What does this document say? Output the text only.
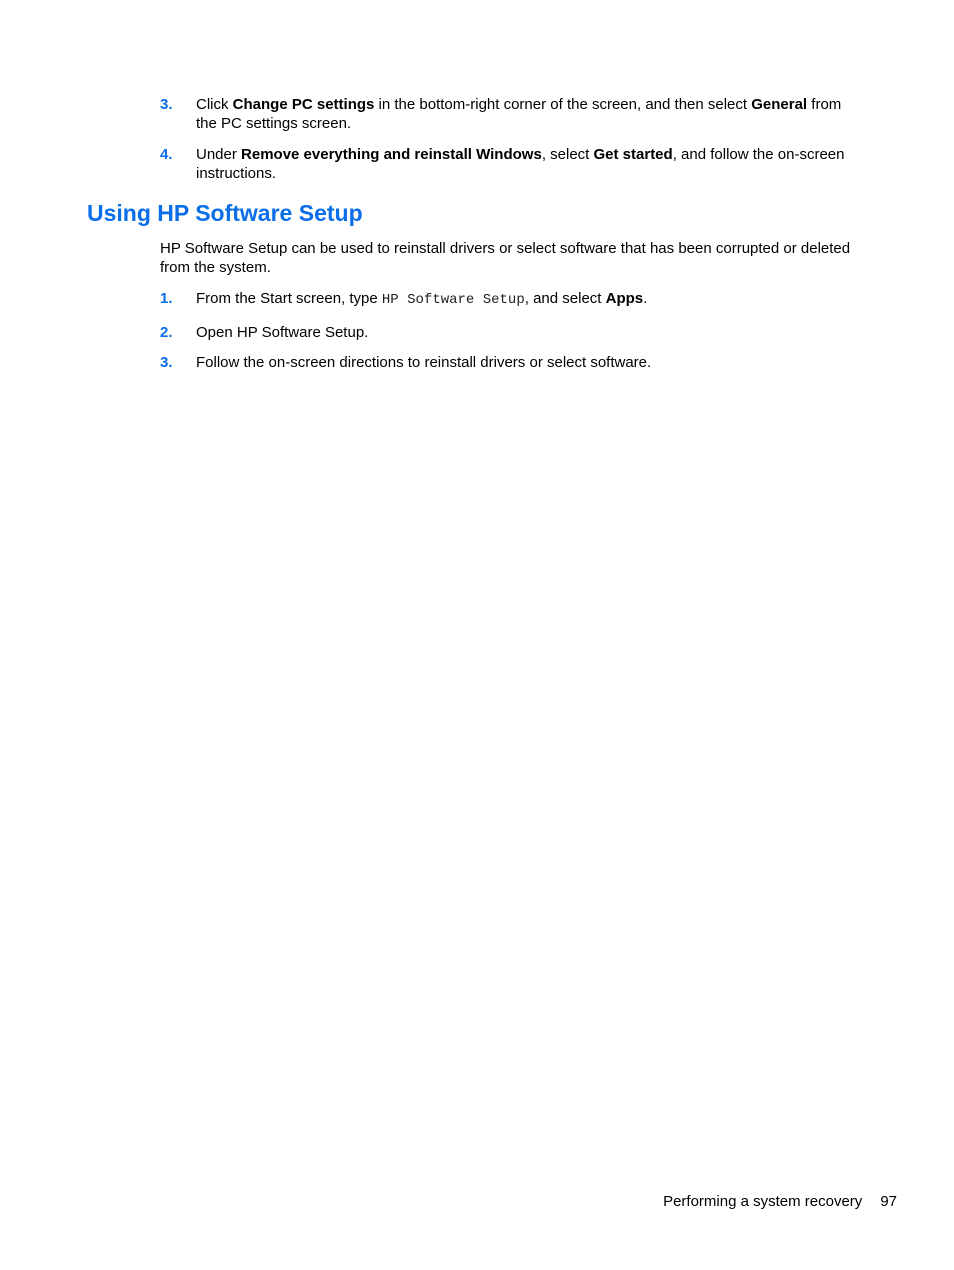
3. Click Change PC settings in the bottom-right corner of the screen, and then select General from the PC settings screen.
4. Under Remove everything and reinstall Windows, select Get started, and follow the on-screen instructions.
Using HP Software Setup

HP Software Setup can be used to reinstall drivers or select software that has been corrupted or deleted from the system.

1. From the Start screen, type HP Software Setup, and select Apps.
2. Open HP Software Setup.
3. Follow the on-screen directions to reinstall drivers or select software.
Performing a system recovery 97
